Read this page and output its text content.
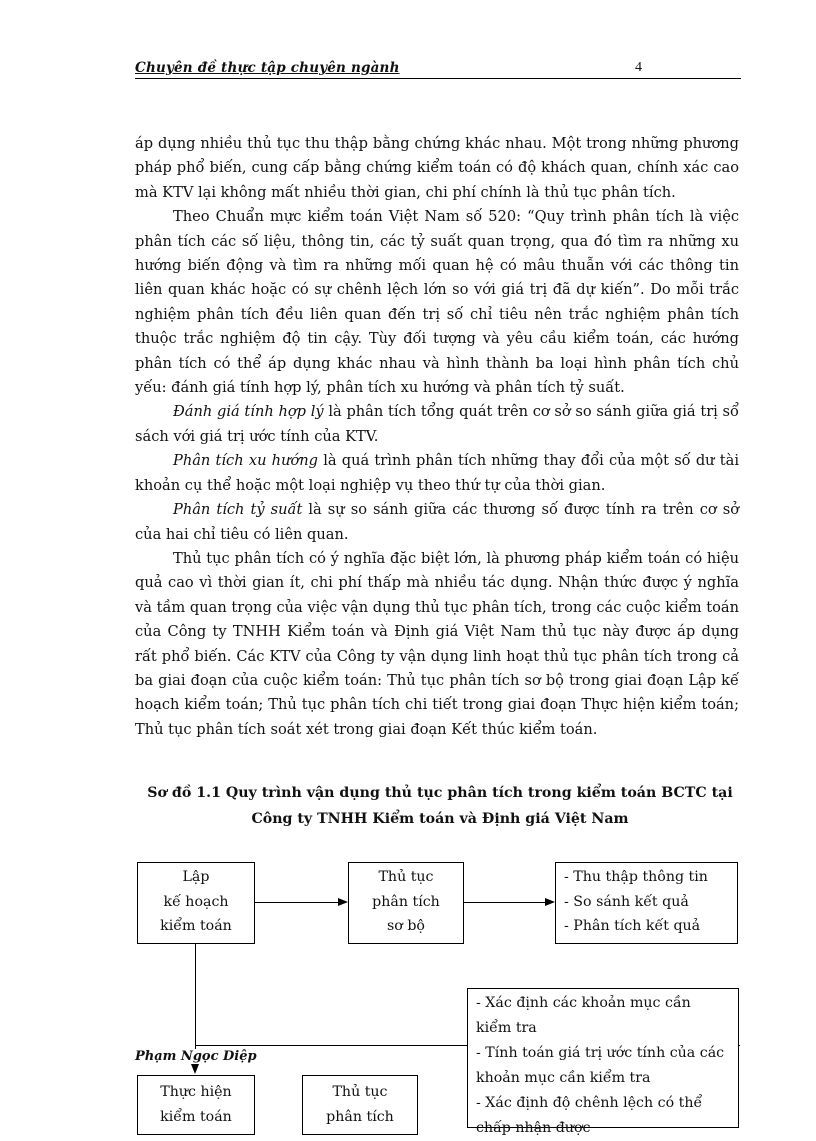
Chuyên đề thực tập chuyên ngành	4

áp dụng nhiều thủ tục thu thập bằng chứng khác nhau. Một trong những phương pháp phổ biến, cung cấp bằng chứng kiểm toán có độ khách quan, chính xác cao mà KTV lại không mất nhiều thời gian, chi phí chính là thủ tục phân tích.

Theo Chuẩn mực kiểm toán Việt Nam số 520: “Quy trình phân tích là việc phân tích các số liệu, thông tin, các tỷ suất quan trọng, qua đó tìm ra những xu hướng biến động và tìm ra những mối quan hệ có mâu thuẫn với các thông tin liên quan khác hoặc có sự chênh lệch lớn so với giá trị đã dự kiến”. Do mỗi trắc nghiệm phân tích đều liên quan đến trị số chỉ tiêu nên trắc nghiệm phân tích thuộc trắc nghiệm độ tin cậy. Tùy đối tượng và yêu cầu kiểm toán, các hướng phân tích có thể áp dụng khác nhau và hình thành ba loại hình phân tích chủ yếu: đánh giá tính hợp lý, phân tích xu hướng và phân tích tỷ suất.

Đánh giá tính hợp lý là phân tích tổng quát trên cơ sở so sánh giữa giá trị sổ sách với giá trị ước tính của KTV.

Phân tích xu hướng là quá trình phân tích những thay đổi của một số dư tài khoản cụ thể hoặc một loại nghiệp vụ theo thứ tự của thời gian.

Phân tích tỷ suất là sự so sánh giữa các thương số được tính ra trên cơ sở của hai chỉ tiêu có liên quan.

Thủ tục phân tích có ý nghĩa đặc biệt lớn, là phương pháp kiểm toán có hiệu quả cao vì thời gian ít, chi phí thấp mà nhiều tác dụng. Nhận thức được ý nghĩa và tầm quan trọng của việc vận dụng thủ tục phân tích, trong các cuộc kiểm toán của Công ty TNHH Kiểm toán và Định giá Việt Nam thủ tục này được áp dụng rất phổ biến. Các KTV của Công ty vận dụng linh hoạt thủ tục phân tích trong cả ba giai đoạn của cuộc kiểm toán: Thủ tục phân tích sơ bộ trong giai đoạn Lập kế hoạch kiểm toán; Thủ tục phân tích chi tiết trong giai đoạn Thực hiện kiểm toán; Thủ tục phân tích soát xét trong giai đoạn Kết thúc kiểm toán.

Sơ đồ 1.1 Quy trình vận dụng thủ tục phân tích trong kiểm toán BCTC tại
Công ty TNHH Kiểm toán và Định giá Việt Nam
Lập
kế hoạch
kiểm toán
Thủ tục
phân tích
sơ bộ
- Thu thập thông tin
- So sánh kết quả
- Phân tích kết quả
- Xác định các khoản mục cần
kiểm tra
- Tính toán giá trị ước tính của các
khoản mục cần kiểm tra
- Xác định độ chênh lệch có thể
chấp nhận được
Phạm Ngọc Diệp
Thực hiện
kiểm toán
Thủ tục
phân tích
